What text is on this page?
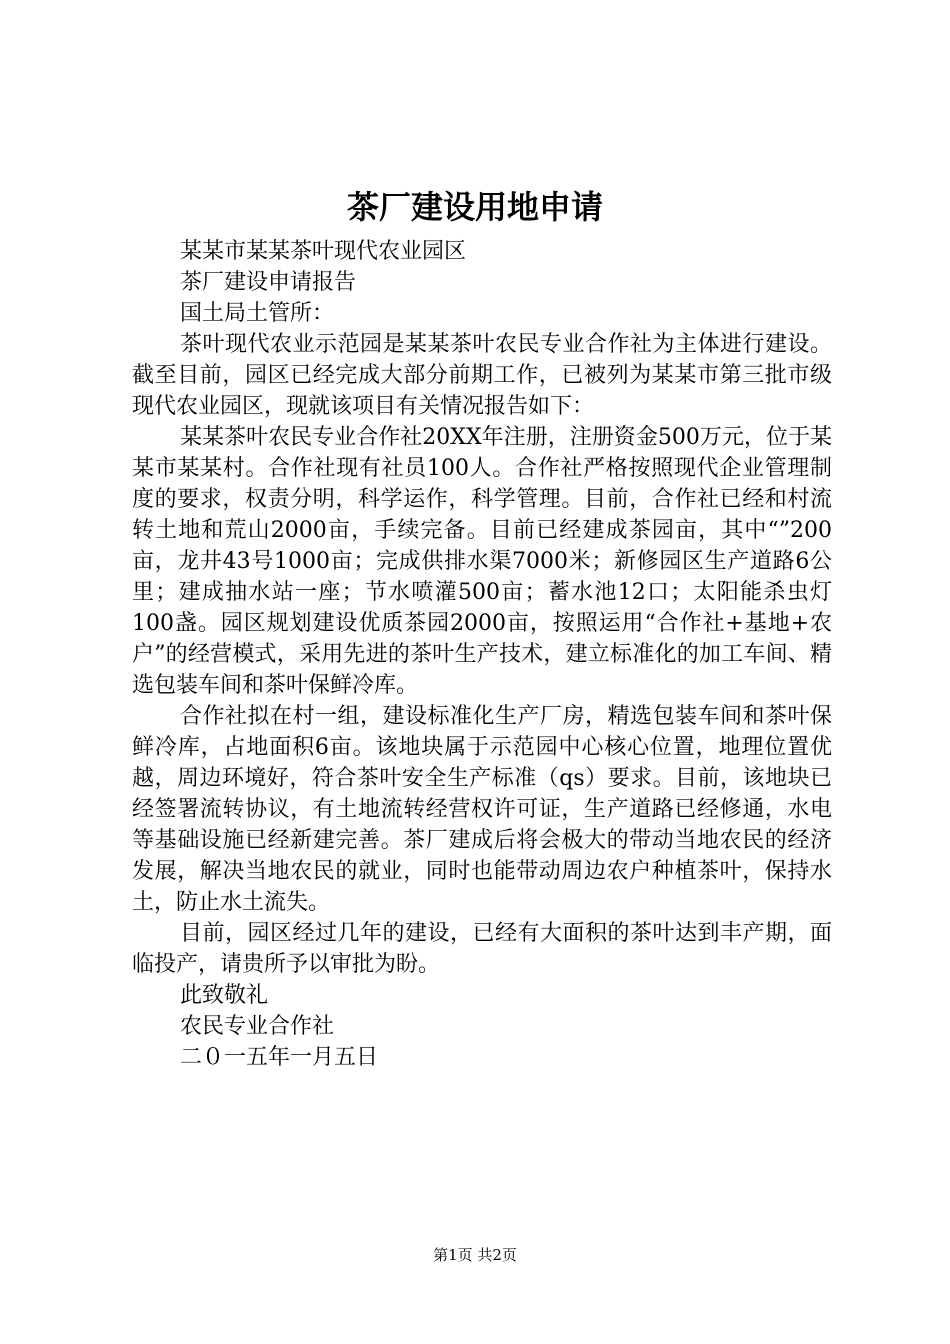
茶厂建设用地申请

某某市某某茶叶现代农业园区

茶厂建设申请报告

国土局土管所：

茶叶现代农业示范园是某某茶叶农民专业合作社为主体进行建设。截至目前，园区已经完成大部分前期工作，已被列为某某市第三批市级现代农业园区，现就该项目有关情况报告如下：

某某茶叶农民专业合作社20XX年注册，注册资金500万元，位于某某市某某村。合作社现有社员100人。合作社严格按照现代企业管理制度的要求，权责分明，科学运作，科学管理。目前，合作社已经和村流转土地和荒山2000亩，手续完备。目前已经建成茶园亩，其中“”200亩，龙井43号1000亩；完成供排水渠7000米；新修园区生产道路6公里；建成抽水站一座；节水喷灌500亩；蓄水池12口；太阳能杀虫灯100盏。园区规划建设优质茶园2000亩，按照运用“合作社+基地+农户”的经营模式，采用先进的茶叶生产技术，建立标准化的加工车间、精选包装车间和茶叶保鲜冷库。

合作社拟在村一组，建设标准化生产厂房，精选包装车间和茶叶保鲜冷库，占地面积6亩。该地块属于示范园中心核心位置，地理位置优越，周边环境好，符合茶叶安全生产标准（qs）要求。目前，该地块已经签署流转协议，有土地流转经营权许可证，生产道路已经修通，水电等基础设施已经新建完善。茶厂建成后将会极大的带动当地农民的经济发展，解决当地农民的就业，同时也能带动周边农户种植茶叶，保持水土，防止水土流失。

目前，园区经过几年的建设，已经有大面积的茶叶达到丰产期，面临投产，请贵所予以审批为盼。

此致敬礼

农民专业合作社

二０一五年一月五日

第1页 共2页
